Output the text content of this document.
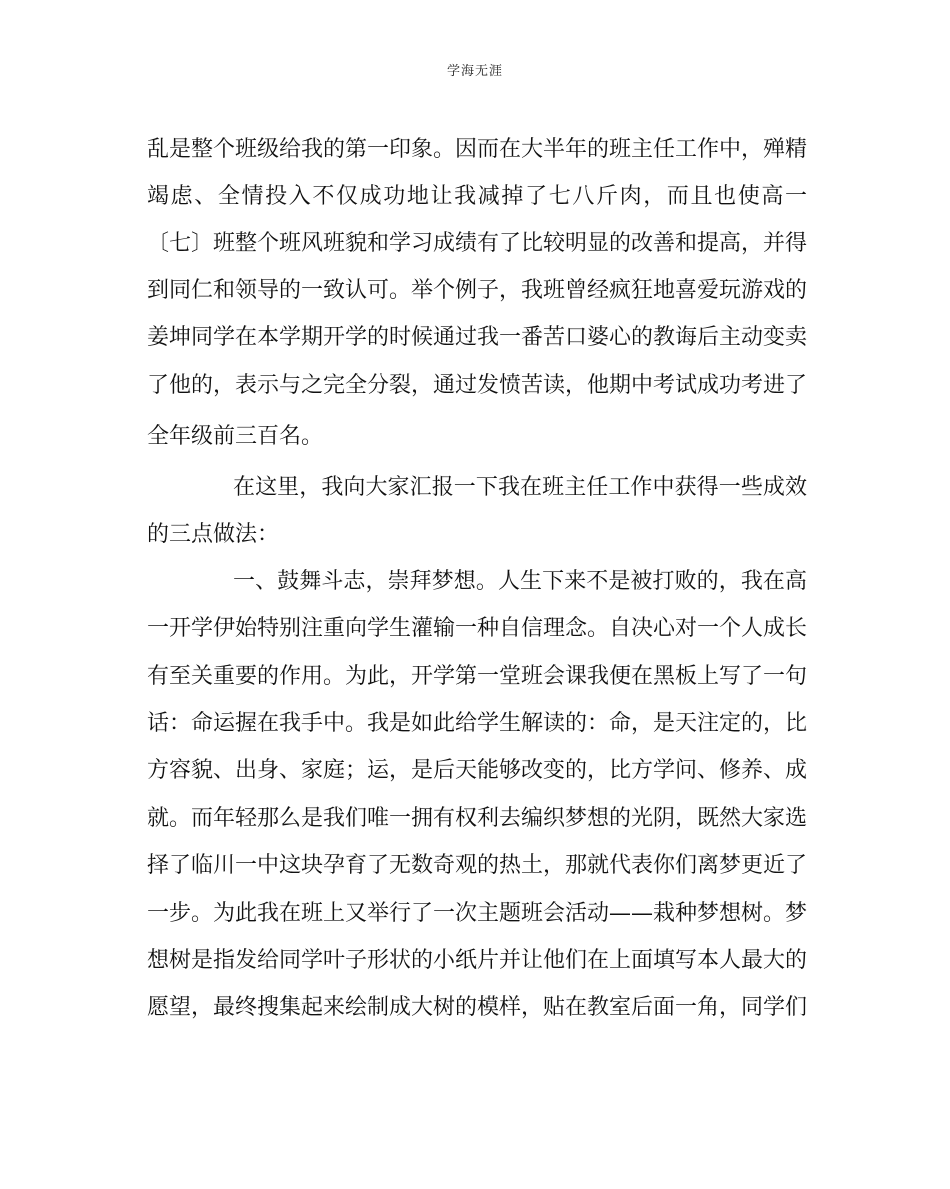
学海无涯
乱是整个班级给我的第一印象。因而在大半年的班主任工作中，殚精
竭虑、全情投入不仅成功地让我减掉了七八斤肉，而且也使高一
〔七〕班整个班风班貌和学习成绩有了比较明显的改善和提高，并得
到同仁和领导的一致认可。举个例子，我班曾经疯狂地喜爱玩游戏的
姜坤同学在本学期开学的时候通过我一番苦口婆心的教诲后主动变卖
了他的，表示与之完全分裂，通过发愤苦读，他期中考试成功考进了
全年级前三百名。
在这里，我向大家汇报一下我在班主任工作中获得一些成效
的三点做法：
一、鼓舞斗志，崇拜梦想。人生下来不是被打败的，我在高
一开学伊始特别注重向学生灌输一种自信理念。自决心对一个人成长
有至关重要的作用。为此，开学第一堂班会课我便在黑板上写了一句
话：命运握在我手中。我是如此给学生解读的：命，是天注定的，比
方容貌、出身、家庭；运，是后天能够改变的，比方学问、修养、成
就。而年轻那么是我们唯一拥有权利去编织梦想的光阴，既然大家选
择了临川一中这块孕育了无数奇观的热土，那就代表你们离梦更近了
一步。为此我在班上又举行了一次主题班会活动——栽种梦想树。梦
想树是指发给同学叶子形状的小纸片并让他们在上面填写本人最大的
愿望，最终搜集起来绘制成大树的模样，贴在教室后面一角，同学们
